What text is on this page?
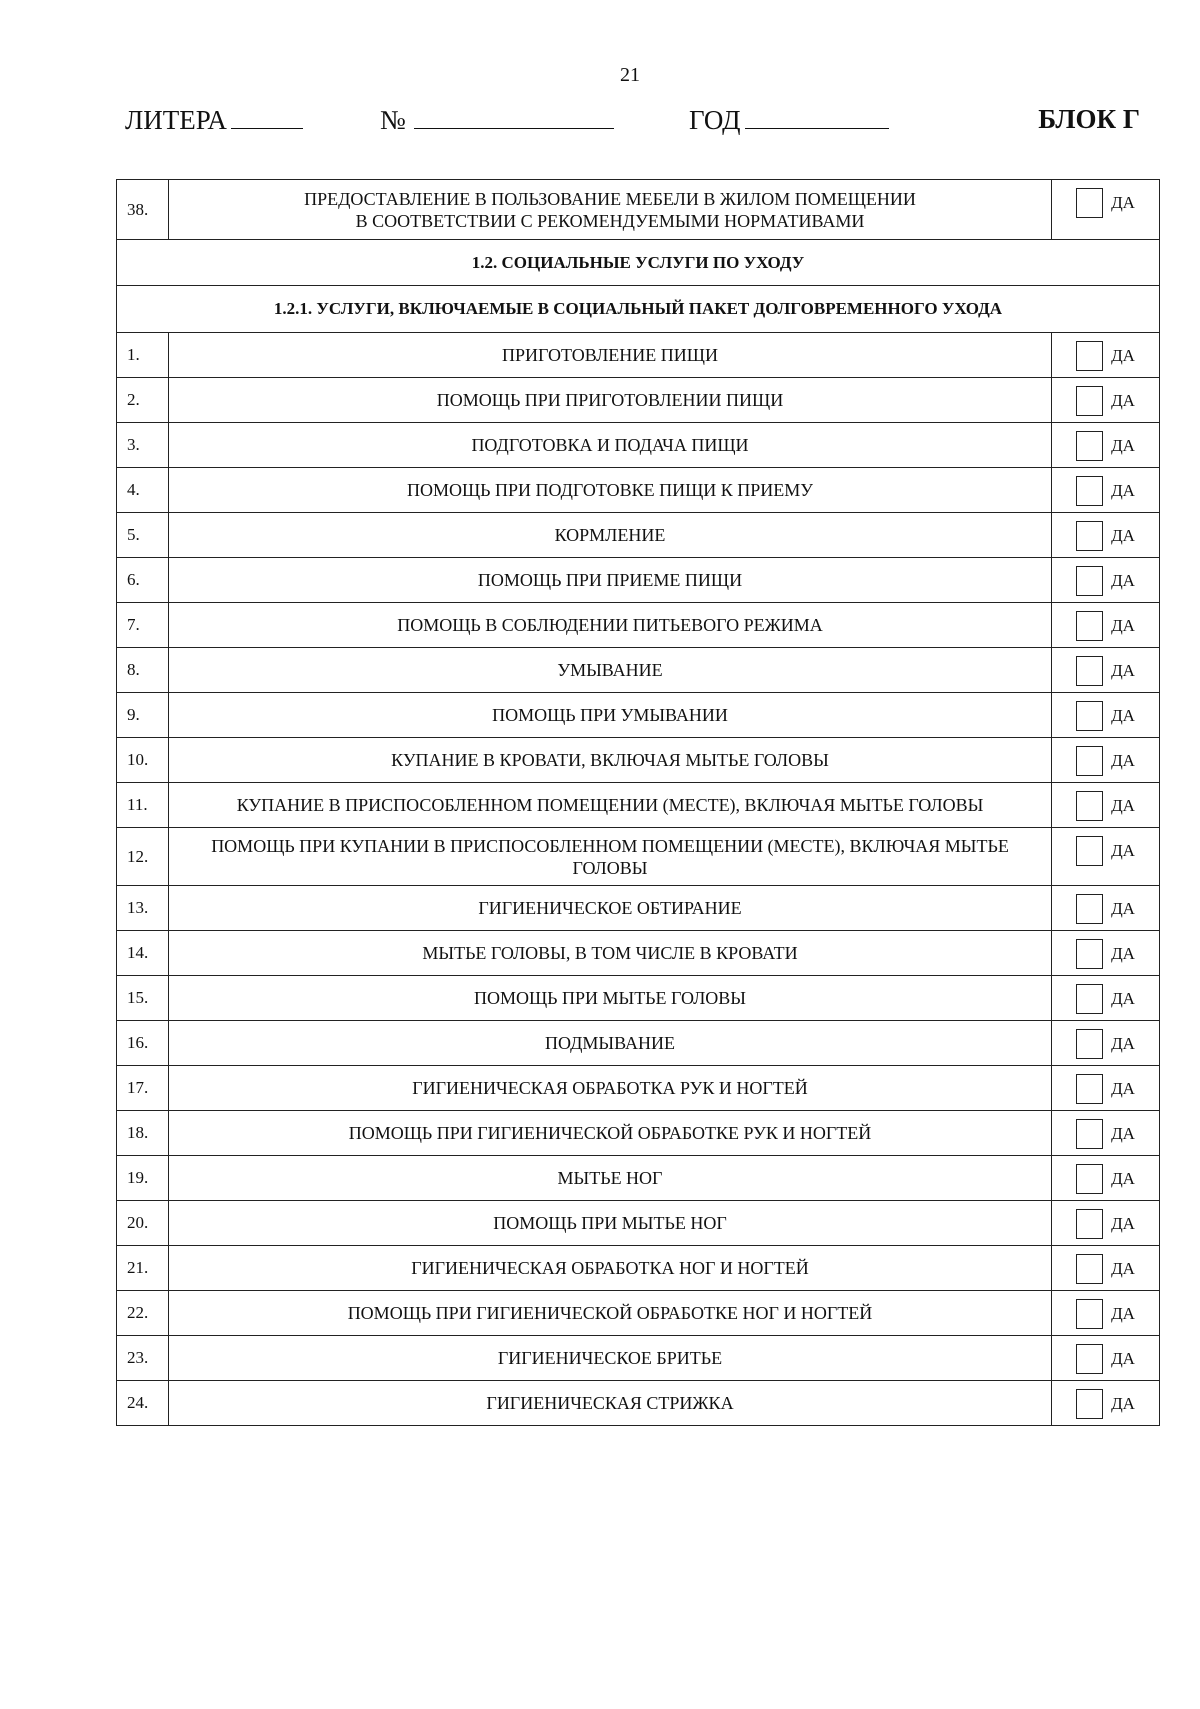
21
ЛИТЕРА	№	ГОД	БЛОК Г
38.	ПРЕДОСТАВЛЕНИЕ В ПОЛЬЗОВАНИЕ МЕБЕЛИ В ЖИЛОМ ПОМЕЩЕНИИ
В СООТВЕТСТВИИ С РЕКОМЕНДУЕМЫМИ НОРМАТИВАМИ	ДА

1.2. СОЦИАЛЬНЫЕ УСЛУГИ ПО УХОДУ		
1.2.1. УСЛУГИ, ВКЛЮЧАЕМЫЕ В СОЦИАЛЬНЫЙ ПАКЕТ ДОЛГОВРЕМЕННОГО УХОДА		
1.	ПРИГОТОВЛЕНИЕ ПИЩИ	ДА

2.	ПОМОЩЬ ПРИ ПРИГОТОВЛЕНИИ ПИЩИ	ДА

3.	ПОДГОТОВКА И ПОДАЧА ПИЩИ	ДА

4.	ПОМОЩЬ ПРИ ПОДГОТОВКЕ ПИЩИ К ПРИЕМУ	ДА

5.	КОРМЛЕНИЕ	ДА

6.	ПОМОЩЬ ПРИ ПРИЕМЕ ПИЩИ	ДА

7.	ПОМОЩЬ В СОБЛЮДЕНИИ ПИТЬЕВОГО РЕЖИМА	ДА

8.	УМЫВАНИЕ	ДА

9.	ПОМОЩЬ ПРИ УМЫВАНИИ	ДА

10.	КУПАНИЕ В КРОВАТИ, ВКЛЮЧАЯ МЫТЬЕ ГОЛОВЫ	ДА

11.	КУПАНИЕ В ПРИСПОСОБЛЕННОМ ПОМЕЩЕНИИ (МЕСТЕ), ВКЛЮЧАЯ МЫТЬЕ ГОЛОВЫ	ДА

12.	ПОМОЩЬ ПРИ КУПАНИИ В ПРИСПОСОБЛЕННОМ ПОМЕЩЕНИИ (МЕСТЕ), ВКЛЮЧАЯ МЫТЬЕ ГОЛОВЫ	ДА

13.	ГИГИЕНИЧЕСКОЕ ОБТИРАНИЕ	ДА

14.	МЫТЬЕ ГОЛОВЫ, В ТОМ ЧИСЛЕ В КРОВАТИ	ДА

15.	ПОМОЩЬ ПРИ МЫТЬЕ ГОЛОВЫ	ДА

16.	ПОДМЫВАНИЕ	ДА

17.	ГИГИЕНИЧЕСКАЯ ОБРАБОТКА РУК И НОГТЕЙ	ДА

18.	ПОМОЩЬ ПРИ ГИГИЕНИЧЕСКОЙ ОБРАБОТКЕ РУК И НОГТЕЙ	ДА

19.	МЫТЬЕ НОГ	ДА

20.	ПОМОЩЬ ПРИ МЫТЬЕ НОГ	ДА

21.	ГИГИЕНИЧЕСКАЯ ОБРАБОТКА НОГ И НОГТЕЙ	ДА

22.	ПОМОЩЬ ПРИ ГИГИЕНИЧЕСКОЙ ОБРАБОТКЕ НОГ И НОГТЕЙ	ДА

23.	ГИГИЕНИЧЕСКОЕ БРИТЬЕ	ДА

24.	ГИГИЕНИЧЕСКАЯ СТРИЖКА	ДА
